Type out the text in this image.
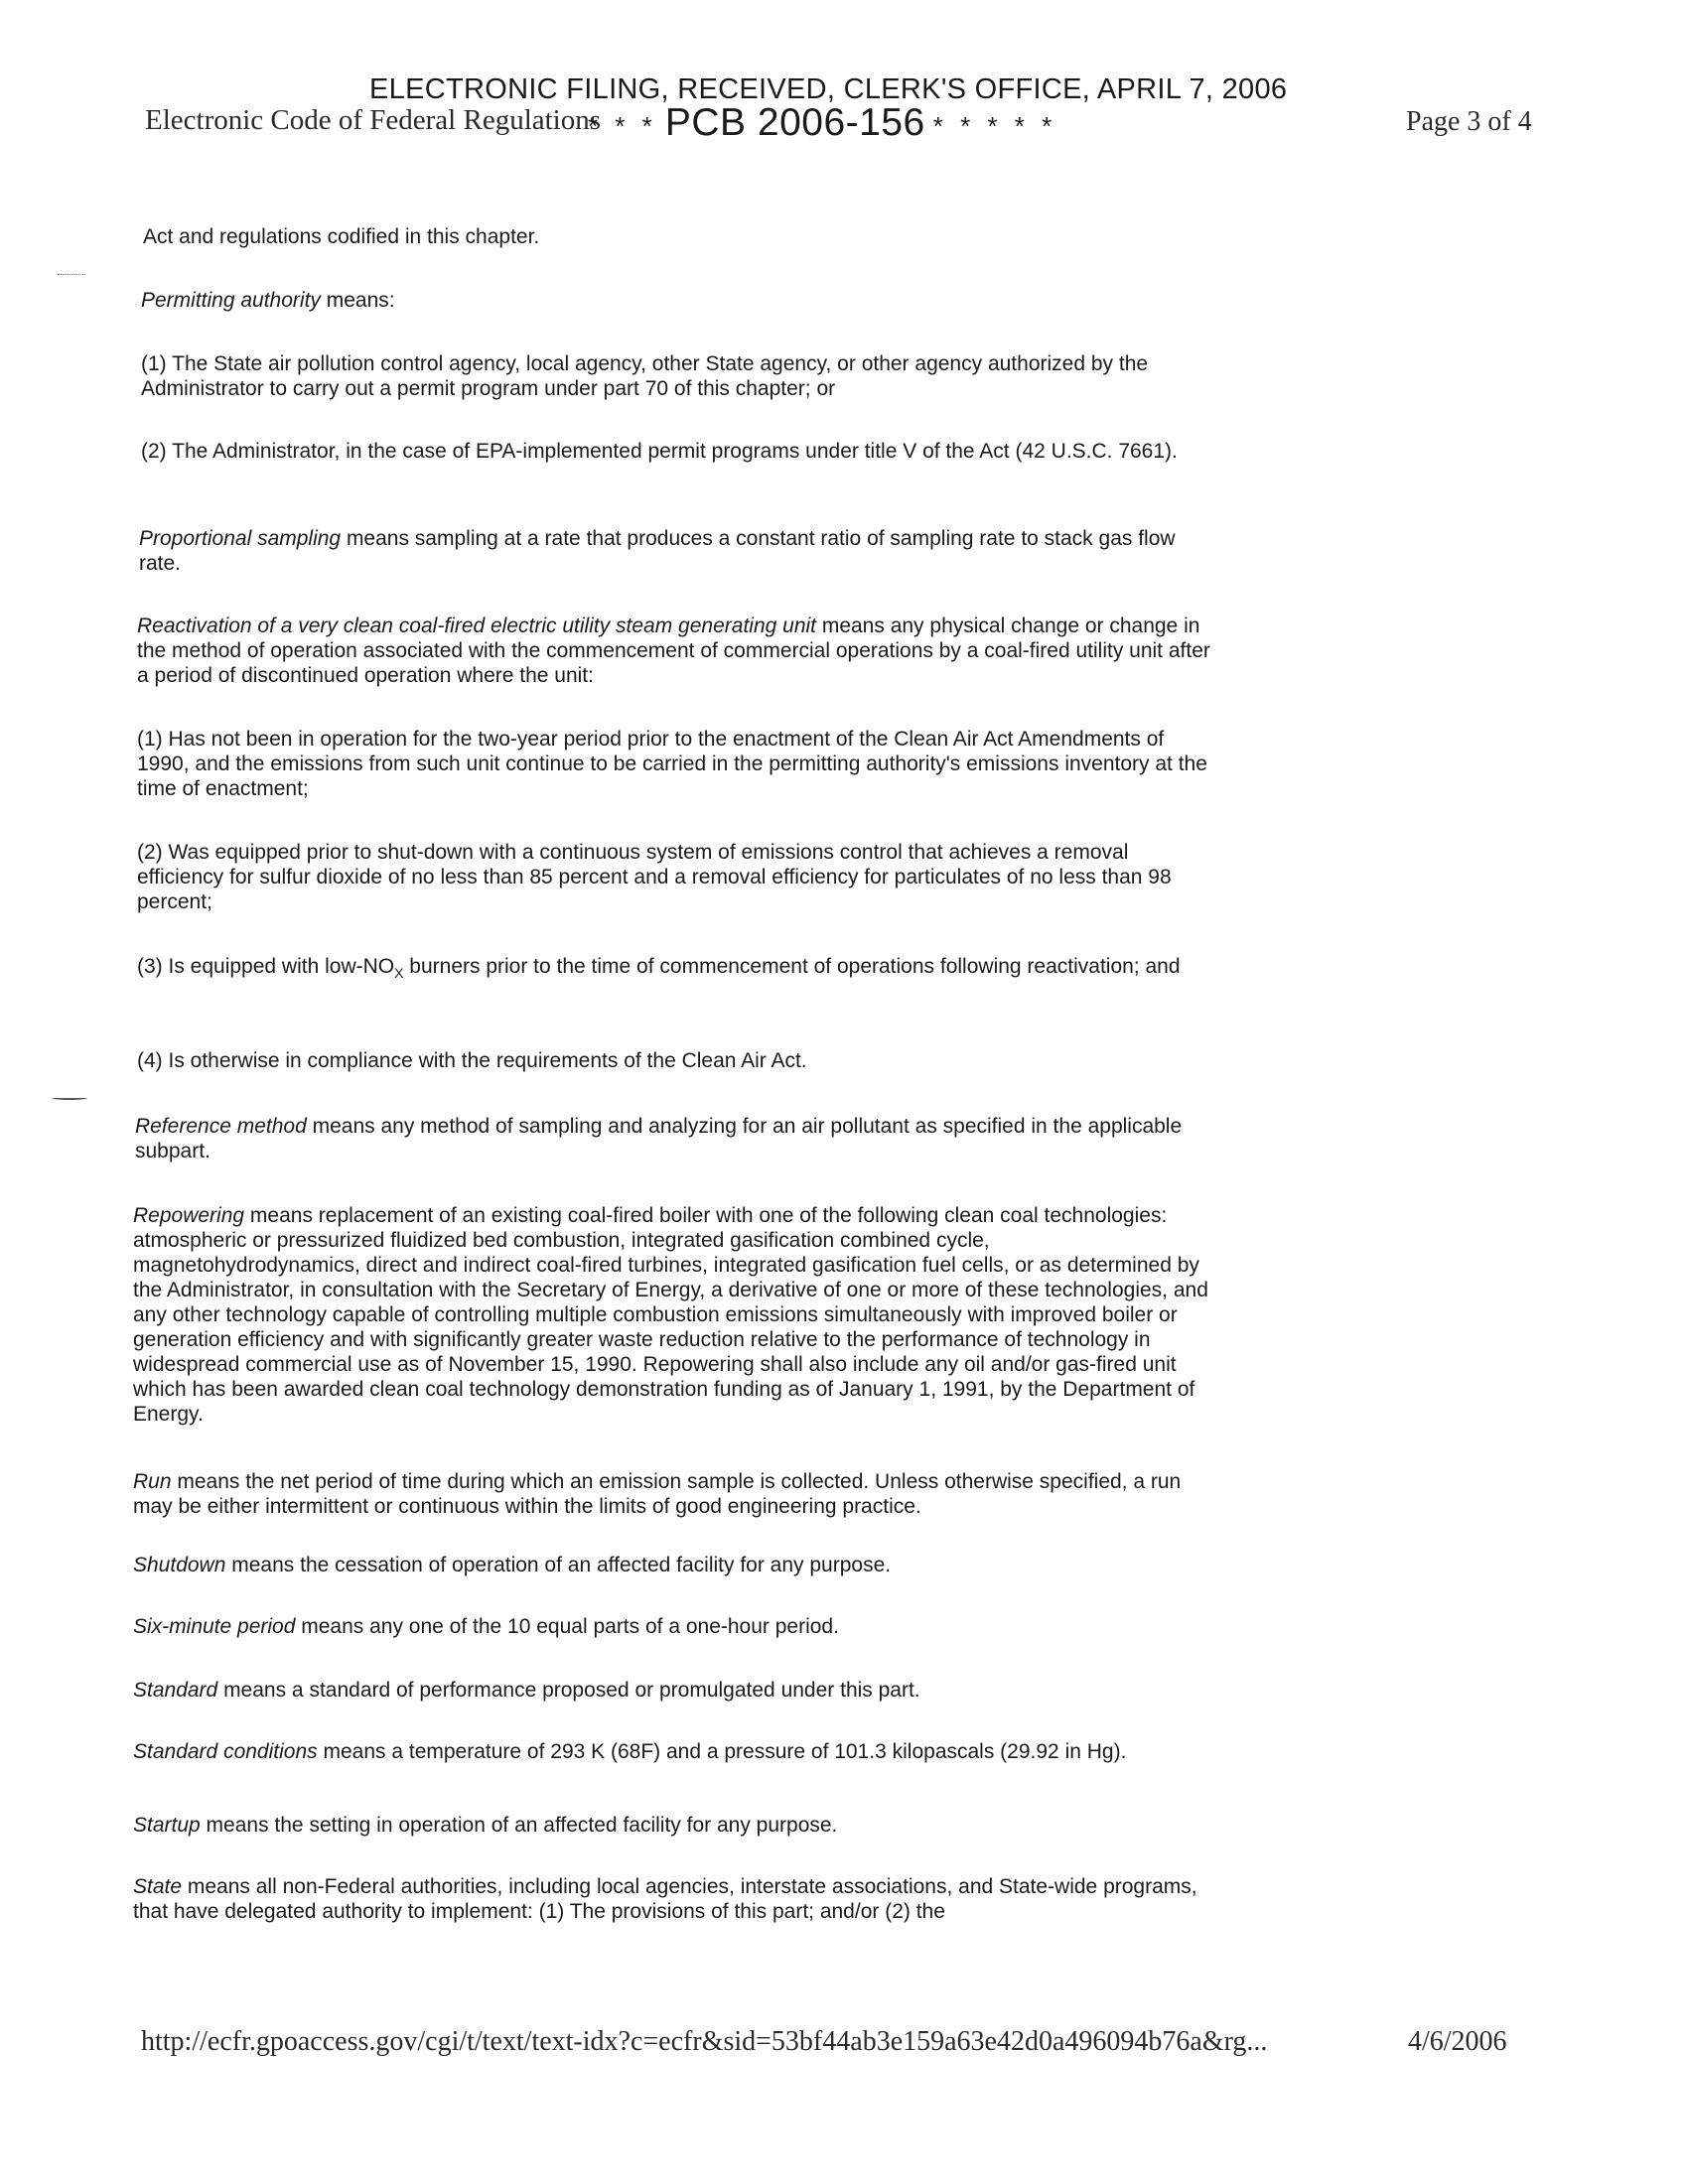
ELECTRONIC FILING, RECEIVED, CLERK'S OFFICE, APRIL 7, 2006
Electronic Code of Federal Regulations
* * * PCB 2006-156 * * * * *	Page 3 of 4

Act and regulations codified in this chapter.

Permitting authority means:

(1) The State air pollution control agency, local agency, other State agency, or other agency authorized by the Administrator to carry out a permit program under part 70 of this chapter; or

(2) The Administrator, in the case of EPA-implemented permit programs under title V of the Act (42 U.S.C. 7661).

Proportional sampling means sampling at a rate that produces a constant ratio of sampling rate to stack gas flow rate.

Reactivation of a very clean coal-fired electric utility steam generating unit means any physical change or change in the method of operation associated with the commencement of commercial operations by a coal-fired utility unit after a period of discontinued operation where the unit:

(1) Has not been in operation for the two-year period prior to the enactment of the Clean Air Act Amendments of 1990, and the emissions from such unit continue to be carried in the permitting authority's emissions inventory at the time of enactment;

(2) Was equipped prior to shut-down with a continuous system of emissions control that achieves a removal efficiency for sulfur dioxide of no less than 85 percent and a removal efficiency for particulates of no less than 98 percent;

(3) Is equipped with low-$NO_X$ burners prior to the time of commencement of operations following reactivation; and

(4) Is otherwise in compliance with the requirements of the Clean Air Act.

Reference method means any method of sampling and analyzing for an air pollutant as specified in the applicable subpart.

Repowering means replacement of an existing coal-fired boiler with one of the following clean coal technologies: atmospheric or pressurized fluidized bed combustion, integrated gasification combined cycle, magnetohydrodynamics, direct and indirect coal-fired turbines, integrated gasification fuel cells, or as determined by the Administrator, in consultation with the Secretary of Energy, a derivative of one or more of these technologies, and any other technology capable of controlling multiple combustion emissions simultaneously with improved boiler or generation efficiency and with significantly greater waste reduction relative to the performance of technology in widespread commercial use as of November 15, 1990. Repowering shall also include any oil and/or gas-fired unit which has been awarded clean coal technology demonstration funding as of January 1, 1991, by the Department of Energy.

Run means the net period of time during which an emission sample is collected. Unless otherwise specified, a run may be either intermittent or continuous within the limits of good engineering practice.

Shutdown means the cessation of operation of an affected facility for any purpose.

Six-minute period means any one of the 10 equal parts of a one-hour period.

Standard means a standard of performance proposed or promulgated under this part.

Standard conditions means a temperature of 293 K (68F) and a pressure of 101.3 kilopascals (29.92 in Hg).

Startup means the setting in operation of an affected facility for any purpose.

State means all non-Federal authorities, including local agencies, interstate associations, and State-wide programs, that have delegated authority to implement: (1) The provisions of this part; and/or (2) the

http://ecfr.gpoaccess.gov/cgi/t/text/text-idx?c=ecfr&sid=53bf44ab3e159a63e42d0a496094b76a&rg...	4/6/2006
